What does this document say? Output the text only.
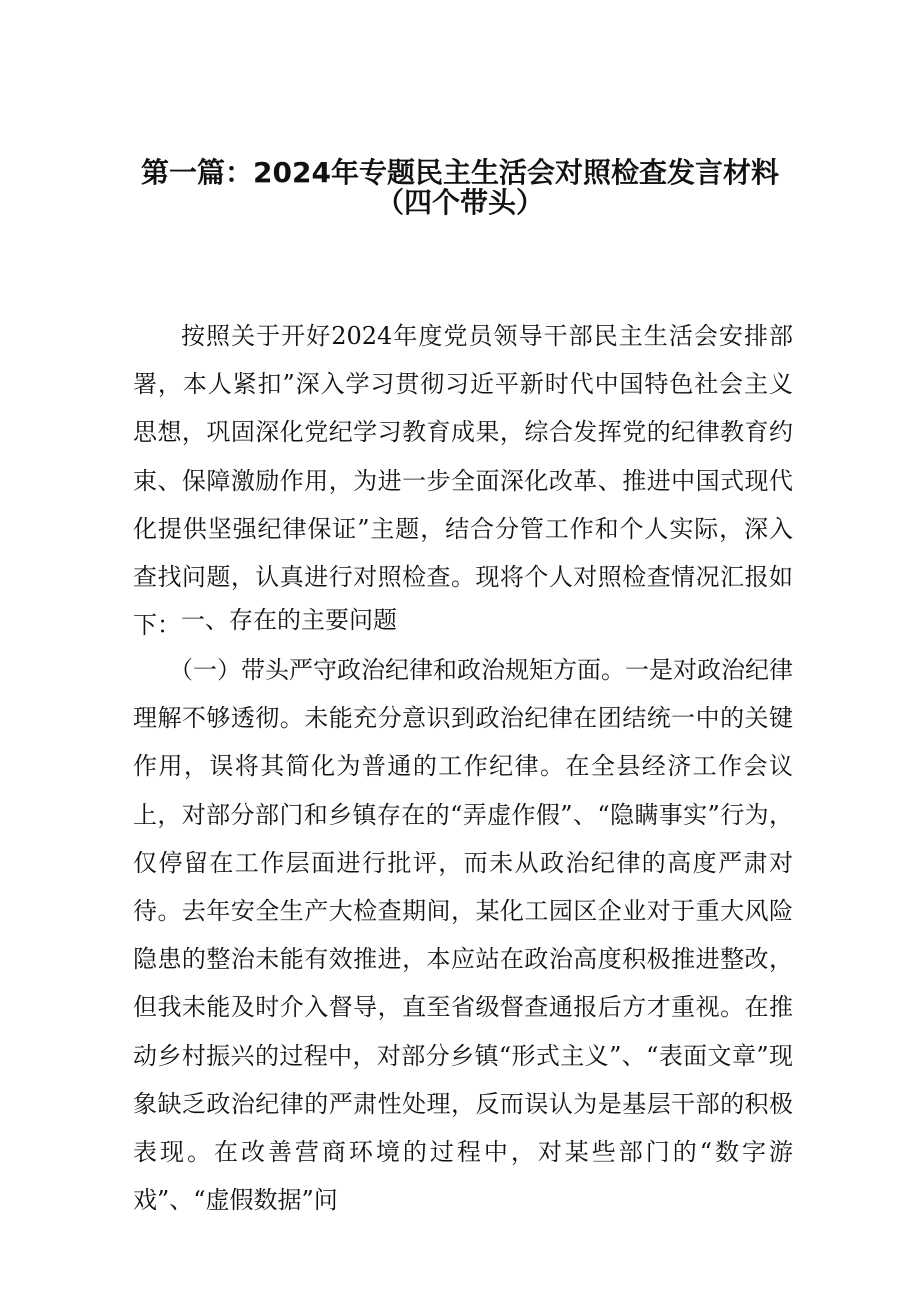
第一篇：2024年专题民主生活会对照检查发言材料
（四个带头）
按照关于开好2024年度党员领导干部民主生活会安排部署，本人紧扣”深入学习贯彻习近平新时代中国特色社会主义思想，巩固深化党纪学习教育成果，综合发挥党的纪律教育约束、保障激励作用，为进一步全面深化改革、推进中国式现代化提供坚强纪律保证”主题，结合分管工作和个人实际，深入查找问题，认真进行对照检查。现将个人对照检查情况汇报如下： 一、存在的主要问题
（一）带头严守政治纪律和政治规矩方面。一是对政治纪律理解不够透彻。未能充分意识到政治纪律在团结统一中的关键作用，误将其简化为普通的工作纪律。在全县经济工作会议上，对部分部门和乡镇存在的“弄虚作假”、“隐瞒事实”行为，仅停留在工作层面进行批评，而未从政治纪律的高度严肃对待。去年安全生产大检查期间，某化工园区企业对于重大风险隐患的整治未能有效推进，本应站在政治高度积极推进整改，但我未能及时介入督导，直至省级督查通报后方才重视。在推动乡村振兴的过程中，对部分乡镇“形式主义”、“表面文章”现象缺乏政治纪律的严肃性处理，反而误认为是基层干部的积极表现。在改善营商环境的过程中，对某些部门的“数字游戏”、“虚假数据”问
